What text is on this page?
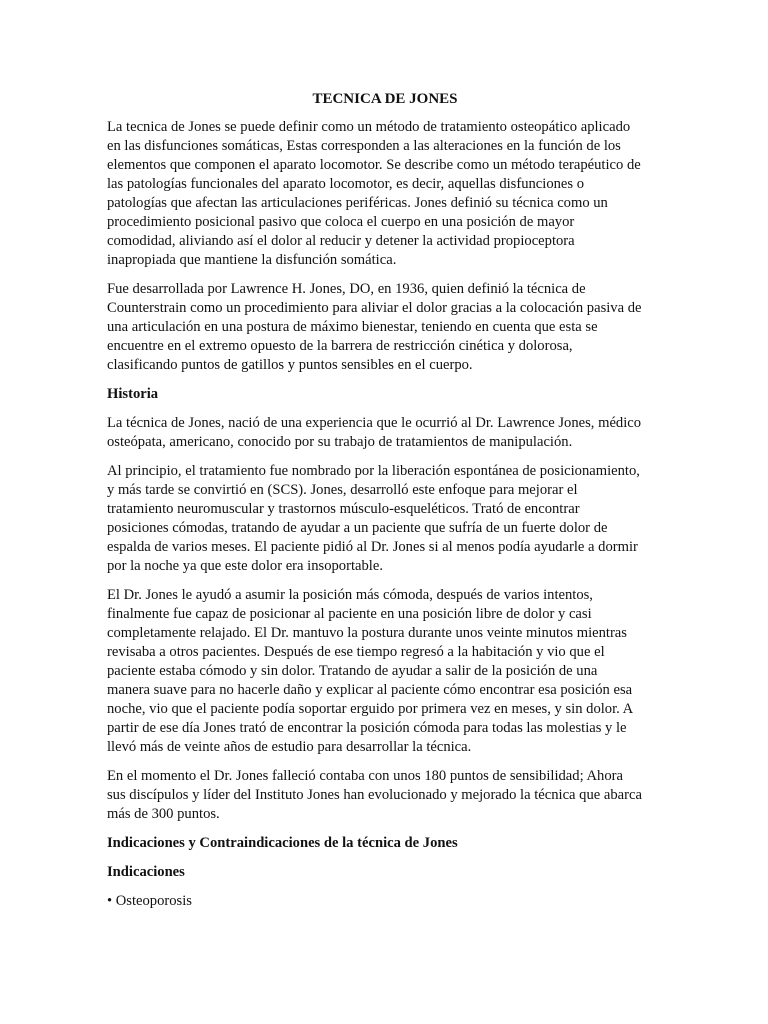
TECNICA DE JONES
La tecnica de Jones se puede definir como un método de tratamiento osteopático aplicado
en las disfunciones somáticas, Estas corresponden a las alteraciones en la función de los
elementos que componen el aparato locomotor. Se describe como un método terapéutico de
las patologías funcionales del aparato locomotor, es decir, aquellas disfunciones o
patologías que afectan las articulaciones periféricas. Jones definió su técnica como un
procedimiento posicional pasivo que coloca el cuerpo en una posición de mayor
comodidad, aliviando así el dolor al reducir y detener la actividad propioceptora
inapropiada que mantiene la disfunción somática.
Fue desarrollada por Lawrence H. Jones, DO, en 1936, quien definió la técnica de
Counterstrain como un procedimiento para aliviar el dolor gracias a la colocación pasiva de
una articulación en una postura de máximo bienestar, teniendo en cuenta que esta se
encuentre en el extremo opuesto de la barrera de restricción cinética y dolorosa,
clasificando puntos de gatillos y puntos sensibles en el cuerpo.
Historia
La técnica de Jones, nació de una experiencia que le ocurrió al Dr. Lawrence Jones, médico
osteópata, americano, conocido por su trabajo de tratamientos de manipulación.
Al principio, el tratamiento fue nombrado por la liberación espontánea de posicionamiento,
y más tarde se convirtió en (SCS). Jones, desarrolló este enfoque para mejorar el
tratamiento neuromuscular y trastornos músculo-esqueléticos. Trató de encontrar
posiciones cómodas, tratando de ayudar a un paciente que sufría de un fuerte dolor de
espalda de varios meses. El paciente pidió al Dr. Jones si al menos podía ayudarle a dormir
por la noche ya que este dolor era insoportable.
El Dr. Jones le ayudó a asumir la posición más cómoda, después de varios intentos,
finalmente fue capaz de posicionar al paciente en una posición libre de dolor y casi
completamente relajado. El Dr. mantuvo la postura durante unos veinte minutos mientras
revisaba a otros pacientes. Después de ese tiempo regresó a la habitación y vio que el
paciente estaba cómodo y sin dolor. Tratando de ayudar a salir de la posición de una
manera suave para no hacerle daño y explicar al paciente cómo encontrar esa posición esa
noche, vio que el paciente podía soportar erguido por primera vez en meses, y sin dolor. A
partir de ese día Jones trató de encontrar la posición cómoda para todas las molestias y le
llevó más de veinte años de estudio para desarrollar la técnica.
En el momento el Dr. Jones falleció contaba con unos 180 puntos de sensibilidad; Ahora
sus discípulos y líder del Instituto Jones han evolucionado y mejorado la técnica que abarca
más de 300 puntos.
Indicaciones y Contraindicaciones de la técnica de Jones
Indicaciones
• Osteoporosis
